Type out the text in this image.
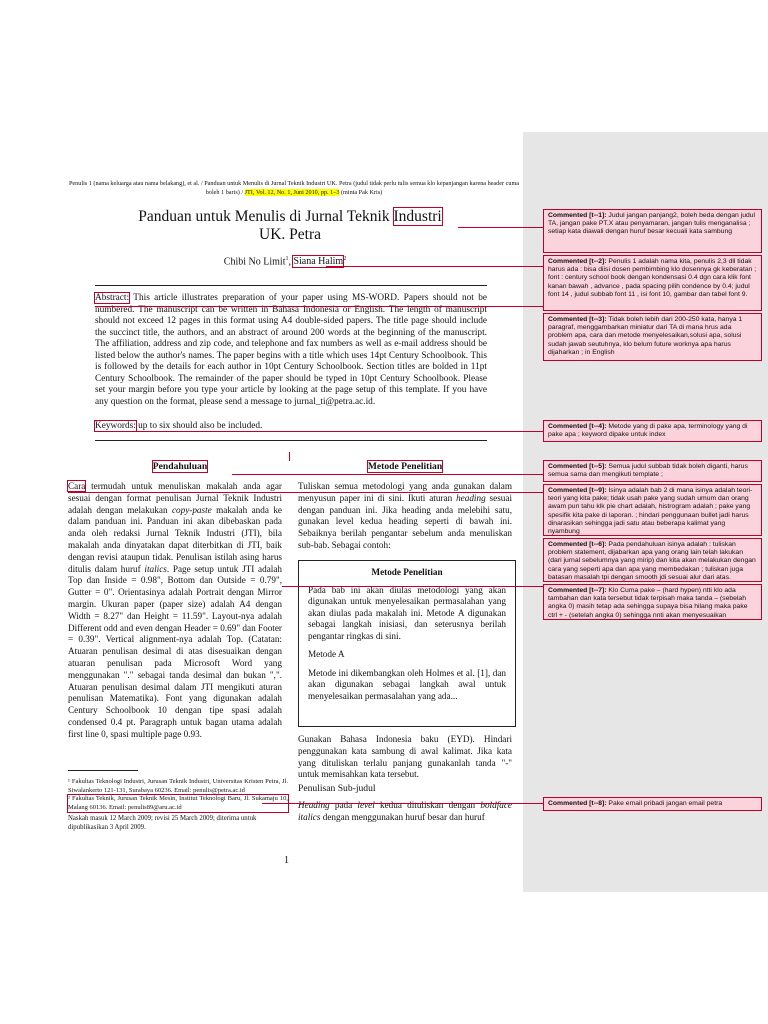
Penulis 1 (nama keluarga atau nama belakang), et al. / Panduan untuk Menulis di Jurnal Teknik Industri UK. Petra (judul tidak perlu tulis semua klo kepanjangan karena header cuma boleh 1 baris) / JTI, Vol. 12, No. 1, Juni 2010, pp. 1–3 (minta Pak Kris)
Panduan untuk Menulis di Jurnal Teknik Industri
UK. Petra
Chibi No Limit$^1$, Siana Halim$^2$
Abstract: This article illustrates preparation of your paper using MS-WORD. Papers should not be numbered. The manuscript can be written in Bahasa Indonesia or English. The length of manuscript should not exceed 12 pages in this format using A4 double-sided papers. The title page should include the succinct title, the authors, and an abstract of around 200 words at the beginning of the manuscript. The affiliation, address and zip code, and telephone and fax numbers as well as e-mail address should be listed below the author's names. The paper begins with a title which uses 14pt Century Schoolbook. This is followed by the details for each author in 10pt Century Schoolbook. Section titles are bolded in 11pt Century Schoolbook. The remainder of the paper should be typed in 10pt Century Schoolbook. Please set your margin before you type your article by looking at the page setup of this template. If you have any question on the format, please send a message to jurnal_ti@petra.ac.id.
Keywords: up to six should also be included.
Pendahuluan	Metode Penelitian
Cara termudah untuk menuliskan makalah anda agar sesuai dengan format penulisan Jurnal Teknik Industri adalah dengan melakukan copy-paste makalah anda ke dalam panduan ini. Panduan ini akan dibebaskan pada anda oleh redaksi Jurnal Teknik Industri (JTI), bila makalah anda dinyatakan dapat diterbitkan di JTI, baik dengan revisi ataupun tidak. Penulisan istilah asing harus ditulis dalam huruf italics. Page setup untuk JTI adalah Top dan Inside = 0.98", Bottom dan Outside = 0.79", Gutter = 0". Orientasinya adalah Portrait dengan Mirror margin. Ukuran paper (paper size) adalah A4 dengan Width = 8.27" dan Height = 11.59". Layout-nya adalah Different odd and even dengan Header = 0.69" dan Footer = 0.39". Vertical alignment-nya adalah Top. (Catatan: Atuaran penulisan desimal di atas disesuaikan dengan atuaran penulisan pada Microsoft Word yang menggunakan "." sebagai tanda desimal dan bukan ",". Atuaran penulisan desimal dalam JTI mengikuti aturan penulisan Matematika). Font yang digunakan adalah Century Schoolbook 10 dengan tipe spasi adalah condensed 0.4 pt. Paragraph untuk bagan utama adalah first line 0, spasi multiple page 0.93.
Tuliskan semua metodologi yang anda gunakan dalam menyusun paper ini di sini. Ikuti aturan heading sesuai dengan panduan ini. Jika heading anda melebihi satu, gunakan level kedua heading seperti di bawah ini. Sebaiknya berilah pengantar sebelum anda menuliskan sub-bab. Sebagai contoh:
Metode Penelitian

Pada bab ini akan diulas metodologi yang akan digunakan untuk menyelesaikan permasalahan yang akan diulas pada makalah ini. Metode A digunakan sebagai langkah inisiasi, dan seterusnya berilah pengantar ringkas di sini.

Metode A

Metode ini dikembangkan oleh Holmes et al. [1], dan akan digunakan sebagai langkah awal untuk menyelesaikan permasalahan yang ada...

Gunakan Bahasa Indonesia baku (EYD). Hindari penggunakan kata sambung di awal kalimat. Jika kata yang dituliskan terlalu panjang gunakanlah tanda "-" untuk memisahkan kata tersebut.
Penulisan Sub-judul
Heading pada level kedua dituliskan dengan boldface italics dengan menggunakan huruf besar dan huruf
¹ Fakultas Teknologi Industri, Jurusan Teknik Industri, Universitas Kristen Petra, Jl. Siwalankerto 121-131, Surabaya 60236. Email: penulis@petra.ac.id
² Fakultas Teknik, Jurusan Teknik Mesin, Institut Teknologi Baru, Jl. Sukamaju 10, Malang 60136. Email: penulis89@aru.ac.id
Naskah masuk 12 March 2009; revisi 25 March 2009; diterima untuk dipublikasikan 3 April 2009.
1
Commented [t--1]: Judul jangan panjang2, boleh beda dengan judul TA, jangan pake PT.X atau penyamaran, jangan tulis menganalisa ; setiap kata diawali dengan huruf besar kecuali kata sambung
Commented [t--2]: Penulis 1 adalah nama kita, penulis 2,3 dll tidak harus ada : bisa diisi dosen pembimbing klo dosennya gk keberatan ; font : century school book dengan kondensasi 0.4 dgn cara klik font kanan bawah , advance , pada spacing pilih condence by 0.4; judul font 14 , judul subbab font 11 , isi font 10, gambar dan tabel font 9.
Commented [t--3]: Tidak boleh lebih dari 200-250 kata, hanya 1 paragraf, menggambarkan miniatur dari TA di mana hrus ada problem apa, cara dan metode menyelesaikan,solusi apa, solusi sudah jawab seutuhnya, klo belum future worknya apa harus dijaharkan ; in English
Commented [t--4]: Metode yang di pake apa, terminology yang di pake apa ; keyword dipake untuk index
Commented [t--5]: Semua judul subbab tidak boleh diganti, harus semua sama dan mengikuti template ;
Commented [t--9]: Isinya adalah bab 2 di mana isinya adalah teori-teori yang kita pake; tidak usah pake yang sudah umum dan orang awam pun tahu klk pie chart adalah, histrogram adalah ; pake yang spesifik kita pake di laporan. ; hindari penggunaan bullet jadi harus dinarasikan sehingga jadi satu atau beberapa kalimat yang nyambung
Commented [t--6]: Pada pendahuluan isinya adalah : tuliskan problem statement, dijabarkan apa yang orang lain telah lakukan (dari jurnal sebelumnya yang mirip) dan kita akan melakukan dengan cara yang seperti apa dan apa yang membedakan ; tuliskan juga batasan masalah tpi dengan smooth jdi sesuai alur dari atas.
Commented [t--7]: Klo Cuma pake – (hard hypen) ntti klo ada tambahan dan kata tersebut tidak terpisah maka tanda – (sebelah angka 0) masih tetap ada sehingga supaya bisa hilang maka pake ctrl + - (setelah angka 0) sehingga nnti akan menyesuaikan
Commented [t--8]: Pake email pribadi jangan email petra
